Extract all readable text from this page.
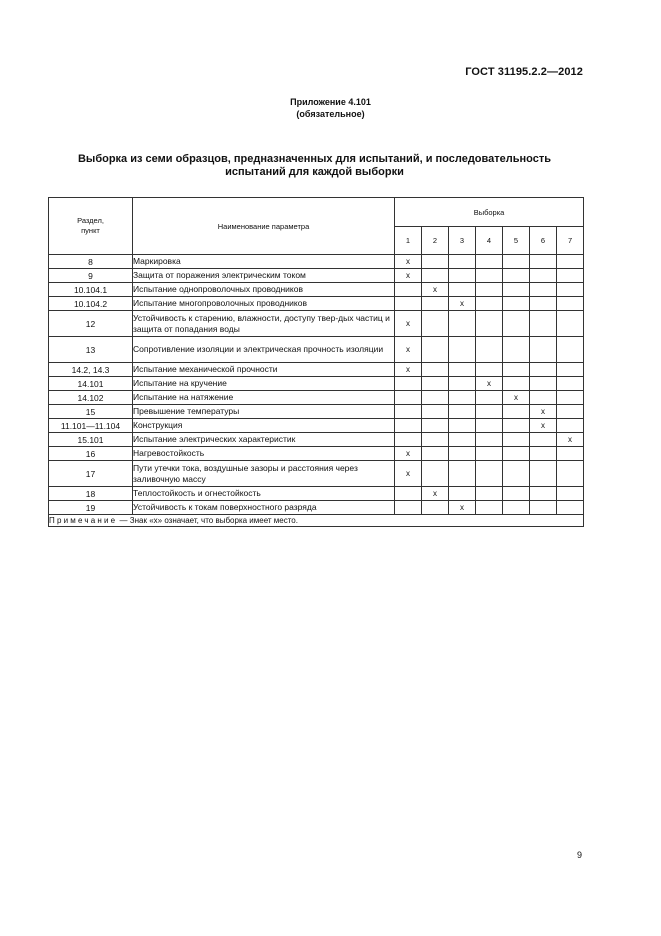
ГОСТ 31195.2.2—2012
Приложение 4.101
(обязательное)
Выборка из семи образцов, предназначенных для испытаний, и последовательность
испытаний для каждой выборки
Раздел,
пункт	Наименование параметра	Выборка						
		1	2	3	4	5	6	7
8	Маркировка	x						
9	Защита от поражения электрическим током	x						
10.104.1	Испытание однопроволочных проводников		x					
10.104.2	Испытание многопроволочных проводников			x				
12	Устойчивость к старению, влажности, доступу твер-дых частиц и защита от попадания воды	x						
13	Сопротивление изоляции и электрическая прочность изоляции	x						
14.2, 14.3	Испытание механической прочности	x						
14.101	Испытание на кручение				x			
14.102	Испытание на натяжение					x		
15	Превышение температуры						x	
11.101—11.104	Конструкция						x	
15.101	Испытание электрических характеристик							x
16	Нагревостойкость	x						
17	Пути утечки тока, воздушные зазоры и расстояния через заливочную массу	x						
18	Теплостойкость и огнестойкость		x					
19	Устойчивость к токам поверхностного разряда			x				
Примечание — Знак «х» означает, что выборка имеет место.								
9
